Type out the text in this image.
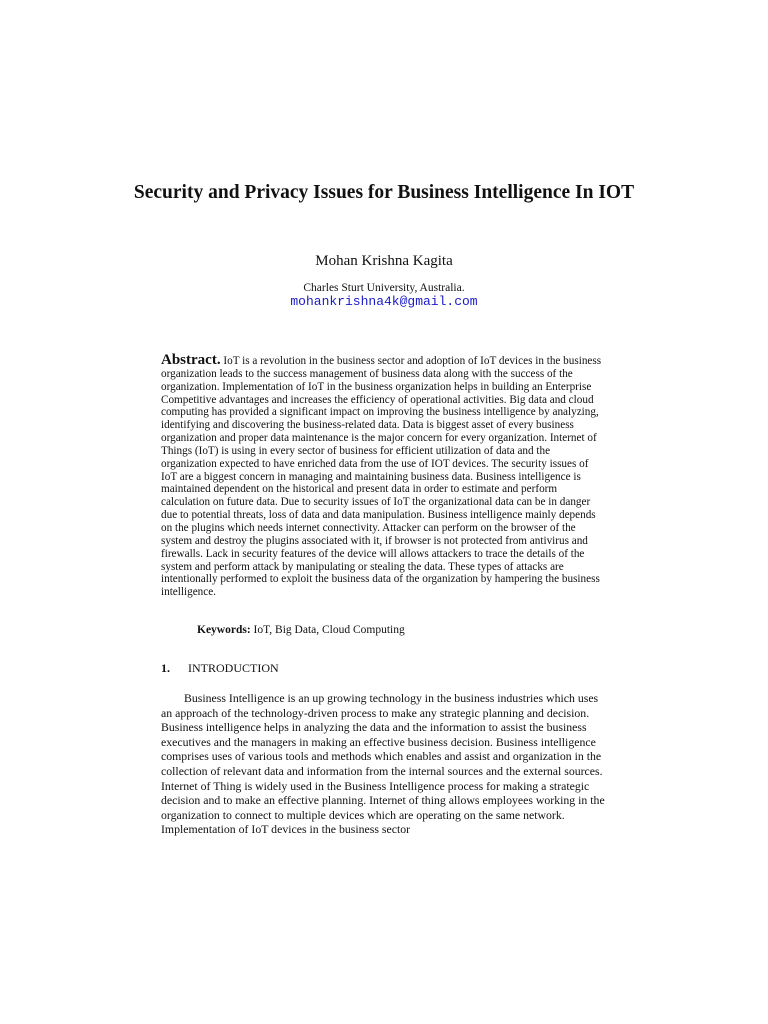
Security and Privacy Issues for Business Intelligence In IOT
Mohan Krishna Kagita
Charles Sturt University, Australia.
mohankrishna4k@gmail.com

Abstract. IoT is a revolution in the business sector and adoption of IoT devices in the business organization leads to the success management of business data along with the success of the organization. Implementation of IoT in the business organization helps in building an Enterprise Competitive advantages and increases the efficiency of operational activities. Big data and cloud computing has provided a significant impact on improving the business intelligence by analyzing, identifying and discovering the business-related data. Data is biggest asset of every business organization and proper data maintenance is the major concern for every organization. Internet of Things (IoT) is using in every sector of business for efficient utilization of data and the organization expected to have enriched data from the use of IOT devices. The security issues of IoT are a biggest concern in managing and maintaining business data. Business intelligence is maintained dependent on the historical and present data in order to estimate and perform calculation on future data. Due to security issues of IoT the organizational data can be in danger due to potential threats, loss of data and data manipulation. Business intelligence mainly depends on the plugins which needs internet connectivity. Attacker can perform on the browser of the system and destroy the plugins associated with it, if browser is not protected from antivirus and firewalls. Lack in security features of the device will allows attackers to trace the details of the system and perform attack by manipulating or stealing the data. These types of attacks are intentionally performed to exploit the business data of the organization by hampering the business intelligence.

Keywords: IoT, Big Data, Cloud Computing
1.	INTRODUCTION

Business Intelligence is an up growing technology in the business industries which uses an approach of the technology-driven process to make any strategic planning and decision. Business intelligence helps in analyzing the data and the information to assist the business executives and the managers in making an effective business decision. Business intelligence comprises uses of various tools and methods which enables and assist and organization in the collection of relevant data and information from the internal sources and the external sources. Internet of Thing is widely used in the Business Intelligence process for making a strategic decision and to make an effective planning. Internet of thing allows employees working in the organization to connect to multiple devices which are operating on the same network. Implementation of IoT devices in the business sector
